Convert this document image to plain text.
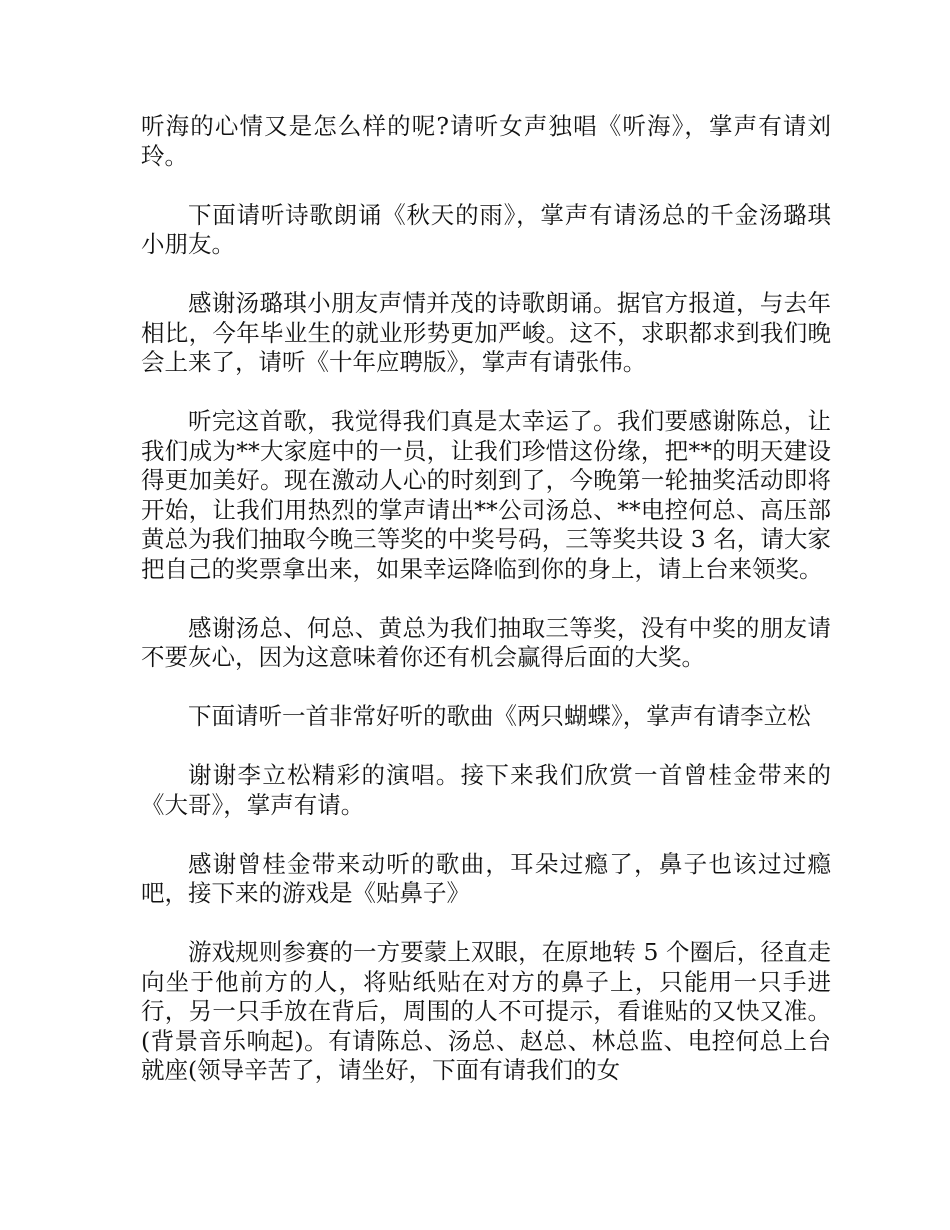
听海的心情又是怎么样的呢?请听女声独唱《听海》，掌声有请刘玲。

下面请听诗歌朗诵《秋天的雨》，掌声有请汤总的千金汤璐琪小朋友。

感谢汤璐琪小朋友声情并茂的诗歌朗诵。据官方报道，与去年相比，今年毕业生的就业形势更加严峻。这不，求职都求到我们晚会上来了，请听《十年应聘版》，掌声有请张伟。

听完这首歌，我觉得我们真是太幸运了。我们要感谢陈总，让我们成为**大家庭中的一员，让我们珍惜这份缘，把**的明天建设得更加美好。现在激动人心的时刻到了，今晚第一轮抽奖活动即将开始，让我们用热烈的掌声请出**公司汤总、**电控何总、高压部黄总为我们抽取今晚三等奖的中奖号码，三等奖共设 3 名，请大家把自己的奖票拿出来，如果幸运降临到你的身上，请上台来领奖。

感谢汤总、何总、黄总为我们抽取三等奖，没有中奖的朋友请不要灰心，因为这意味着你还有机会赢得后面的大奖。

下面请听一首非常好听的歌曲《两只蝴蝶》，掌声有请李立松

谢谢李立松精彩的演唱。接下来我们欣赏一首曾桂金带来的《大哥》，掌声有请。

感谢曾桂金带来动听的歌曲，耳朵过瘾了，鼻子也该过过瘾吧，接下来的游戏是《贴鼻子》

游戏规则参赛的一方要蒙上双眼，在原地转 5 个圈后，径直走向坐于他前方的人，将贴纸贴在对方的鼻子上，只能用一只手进行，另一只手放在背后，周围的人不可提示，看谁贴的又快又准。(背景音乐响起)。有请陈总、汤总、赵总、林总监、电控何总上台就座(领导辛苦了，请坐好，下面有请我们的女
